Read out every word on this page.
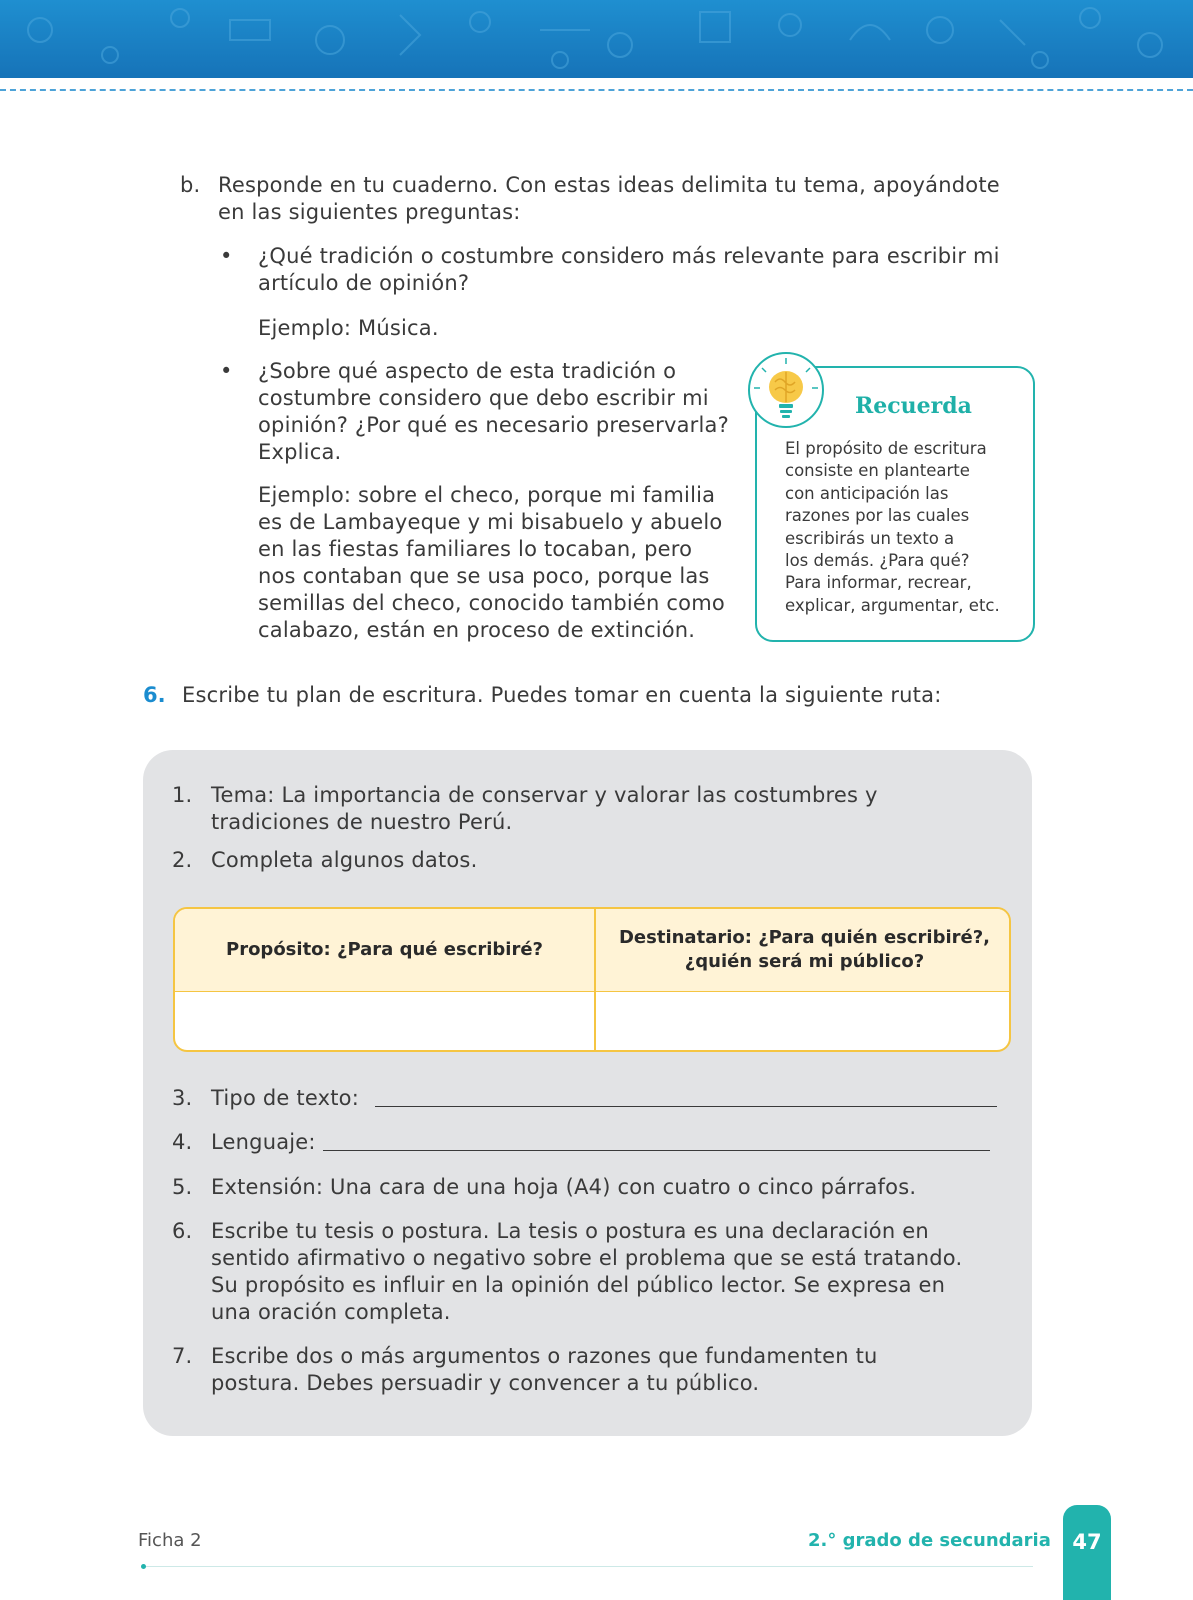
b. Responde en tu cuaderno. Con estas ideas delimita tu tema, apoyándote
en las siguientes preguntas:
• ¿Qué tradición o costumbre considero más relevante para escribir mi
artículo de opinión?
Ejemplo: Música.
• ¿Sobre qué aspecto de esta tradición o
costumbre considero que debo escribir mi
opinión? ¿Por qué es necesario preservarla?
Explica.
Ejemplo: sobre el checo, porque mi familia
es de Lambayeque y mi bisabuelo y abuelo
en las fiestas familiares lo tocaban, pero
nos contaban que se usa poco, porque las
semillas del checo, conocido también como
calabazo, están en proceso de extinción.
Recuerda
El propósito de escritura
consiste en plantearte
con anticipación las
razones por las cuales
escribirás un texto a
los demás. ¿Para qué?
Para informar, recrear,
explicar, argumentar, etc.
6. Escribe tu plan de escritura. Puedes tomar en cuenta la siguiente ruta:
1. Tema: La importancia de conservar y valorar las costumbres y
tradiciones de nuestro Perú.
2. Completa algunos datos.
Propósito: ¿Para qué escribiré?
Destinatario: ¿Para quién escribiré?,
¿quién será mi público?
3. Tipo de texto:
4. Lenguaje:
5. Extensión: Una cara de una hoja (A4) con cuatro o cinco párrafos.
6. Escribe tu tesis o postura. La tesis o postura es una declaración en
sentido afirmativo o negativo sobre el problema que se está tratando.
Su propósito es influir en la opinión del público lector. Se expresa en
una oración completa.
7. Escribe dos o más argumentos o razones que fundamenten tu
postura. Debes persuadir y convencer a tu público.
Ficha 2	2.° grado de secundaria	47
